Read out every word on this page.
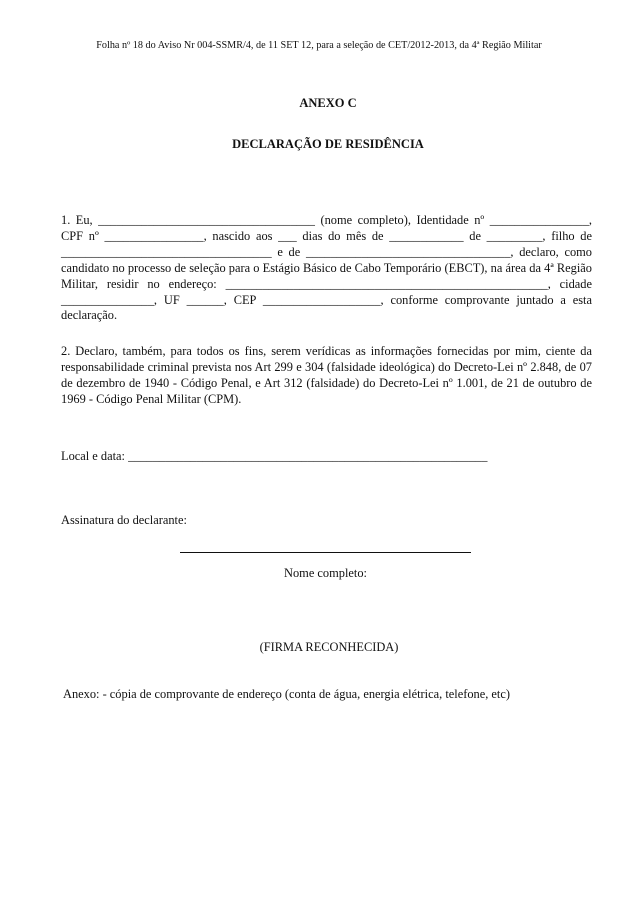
Folha nº 18 do Aviso Nr 004-SSMR/4, de 11 SET 12, para a seleção de CET/2012-2013, da 4ª Região Militar
ANEXO C
DECLARAÇÃO DE RESIDÊNCIA
1. Eu, ___________________________________ (nome completo), Identidade nº ________________, CPF nº ________________, nascido aos ___ dias do mês de ____________ de _________, filho de __________________________________ e de _________________________________, declaro, como candidato no processo de seleção para o Estágio Básico de Cabo Temporário (EBCT), na área da 4ª Região Militar, residir no endereço: ____________________________________________________, cidade _______________, UF ______, CEP ___________________, conforme comprovante juntado a esta declaração.
2. Declaro, também, para todos os fins, serem verídicas as informações fornecidas por mim, ciente da responsabilidade criminal prevista nos Art 299 e 304 (falsidade ideológica) do Decreto-Lei nº 2.848, de 07 de dezembro de 1940 - Código Penal, e Art 312 (falsidade) do Decreto-Lei nº 1.001, de 21 de outubro de 1969 - Código Penal Militar (CPM).
Local e data: __________________________________________________________
Assinatura do declarante:
Nome completo:
(FIRMA RECONHECIDA)
Anexo: - cópia de comprovante de endereço (conta de água, energia elétrica, telefone, etc)
